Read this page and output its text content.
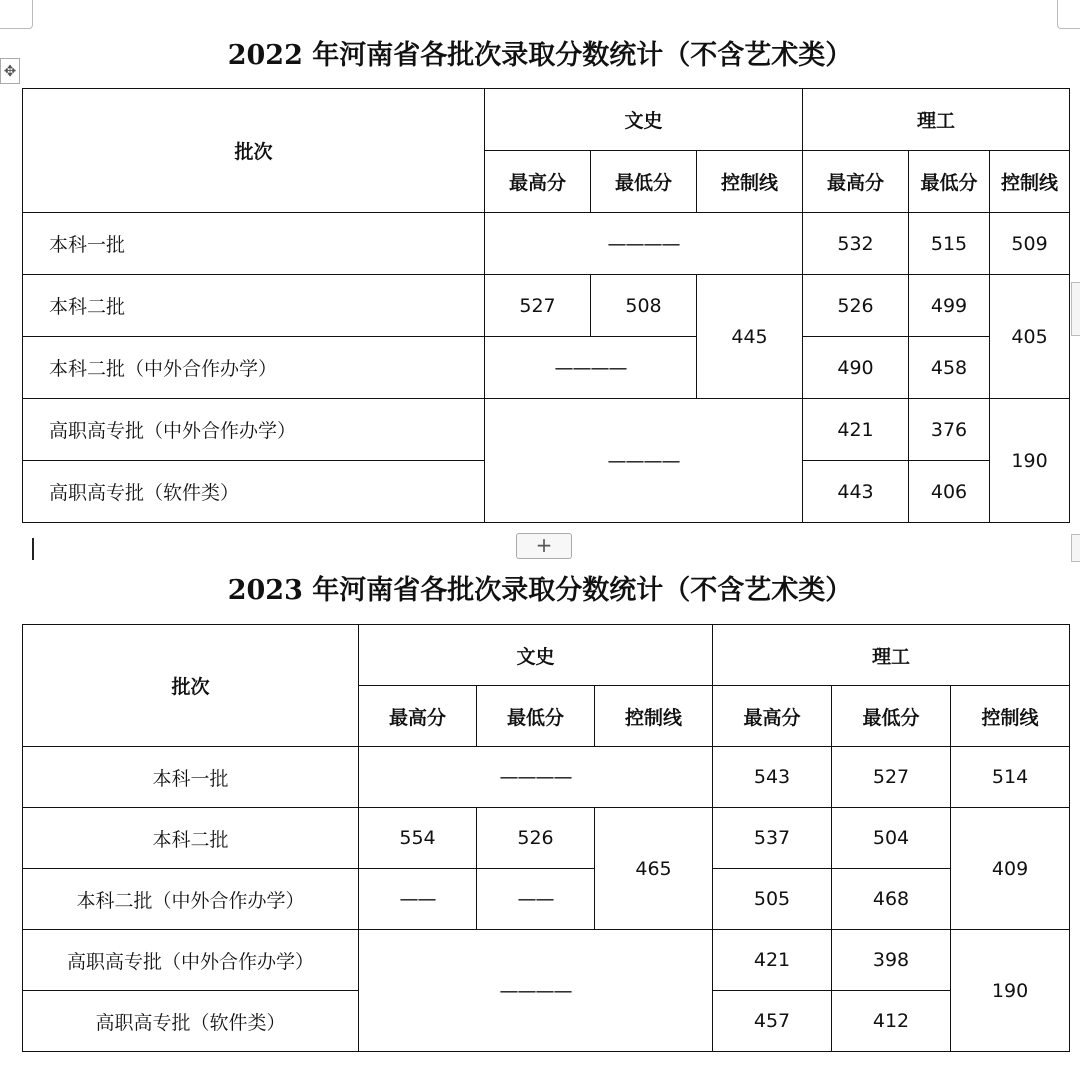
✥
+
2022 年河南省各批次录取分数统计（不含艺术类）
批次	文史			理工		
	最高分	最低分	控制线	最高分	最低分	控制线
本科一批	————			532	515	509
本科二批	527	508	445	526	499	405
本科二批（中外合作办学）	————			490	458	
高职高专批（中外合作办学）	————			421	376	190
高职高专批（软件类）				443	406	
2023 年河南省各批次录取分数统计（不含艺术类）
批次	文史			理工		
	最高分	最低分	控制线	最高分	最低分	控制线
本科一批	————			543	527	514
本科二批	554	526	465	537	504	409
本科二批（中外合作办学）	——	——		505	468	
高职高专批（中外合作办学）	————			421	398	190
高职高专批（软件类）				457	412	
